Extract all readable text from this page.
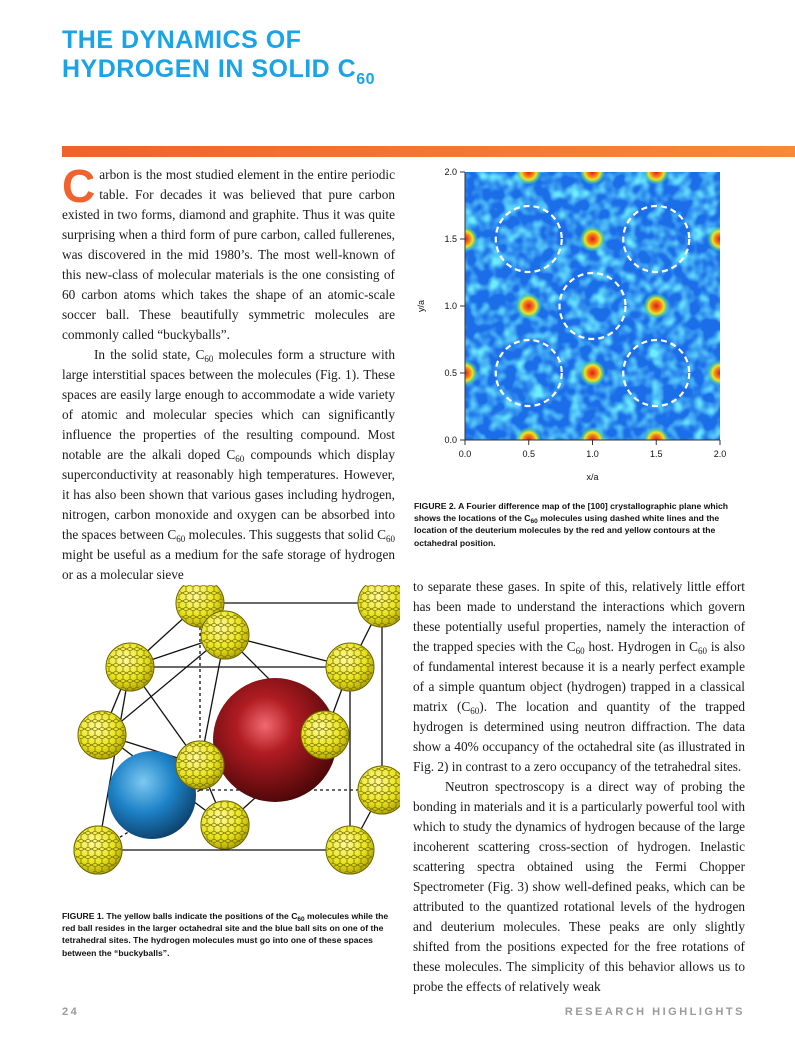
THE DYNAMICS OF
HYDROGEN IN SOLID $C_{60}$

Carbon is the most studied element in the entire periodic table. For decades it was believed that pure carbon existed in two forms, diamond and graphite. Thus it was quite surprising when a third form of pure carbon, called fullerenes, was discovered in the mid 1980’s. The most well-known of this new-class of molecular materials is the one consisting of 60 carbon atoms which takes the shape of an atomic-scale soccer ball. These beautifully symmetric molecules are commonly called “buckyballs”.

In the solid state, $C_{60}$ molecules form a structure with large interstitial spaces between the molecules (Fig. 1). These spaces are easily large enough to accommodate a wide variety of atomic and molecular species which can significantly influence the properties of the resulting compound. Most notable are the alkali doped $C_{60}$ compounds which display superconductivity at reasonably high temperatures. However, it has also been shown that various gases including hydrogen, nitrogen, carbon monoxide and oxygen can be absorbed into the spaces between $C_{60}$ molecules. This suggests that solid $C_{60}$ might be useful as a medium for the safe storage of hydrogen or as a molecular sieve

0.0
0.5
1.0
1.5
2.0
0.0	0.5	1.0	1.5	2.0
x/a
y/a
FIGURE 2. A Fourier difference map of the [100] crystallographic plane which shows the locations of the $C_{60}$ molecules using dashed white lines and the location of the deuterium molecules by the red and yellow contours at the octahedral position.
FIGURE 1. The yellow balls indicate the positions of the $C_{60}$ molecules while the red ball resides in the larger octahedral site and the blue ball sits on one of the tetrahedral sites. The hydrogen molecules must go into one of these spaces between the “buckyballs”.

to separate these gases. In spite of this, relatively little effort has been made to understand the interactions which govern these potentially useful properties, namely the interaction of the trapped species with the $C_{60}$ host. Hydrogen in $C_{60}$ is also of fundamental interest because it is a nearly perfect example of a simple quantum object (hydrogen) trapped in a classical matrix $(C_{60})$. The location and quantity of the trapped hydrogen is determined using neutron diffraction. The data show a 40% occupancy of the octahedral site (as illustrated in Fig. 2) in contrast to a zero occupancy of the tetrahedral sites.

Neutron spectroscopy is a direct way of probing the bonding in materials and it is a particularly powerful tool with which to study the dynamics of hydrogen because of the large incoherent scattering cross-section of hydrogen. Inelastic scattering spectra obtained using the Fermi Chopper Spectrometer (Fig. 3) show well-defined peaks, which can be attributed to the quantized rotational levels of the hydrogen and deuterium molecules. These peaks are only slightly shifted from the positions expected for the free rotations of these molecules. The simplicity of this behavior allows us to probe the effects of relatively weak

24	RESEARCH HIGHLIGHTS
